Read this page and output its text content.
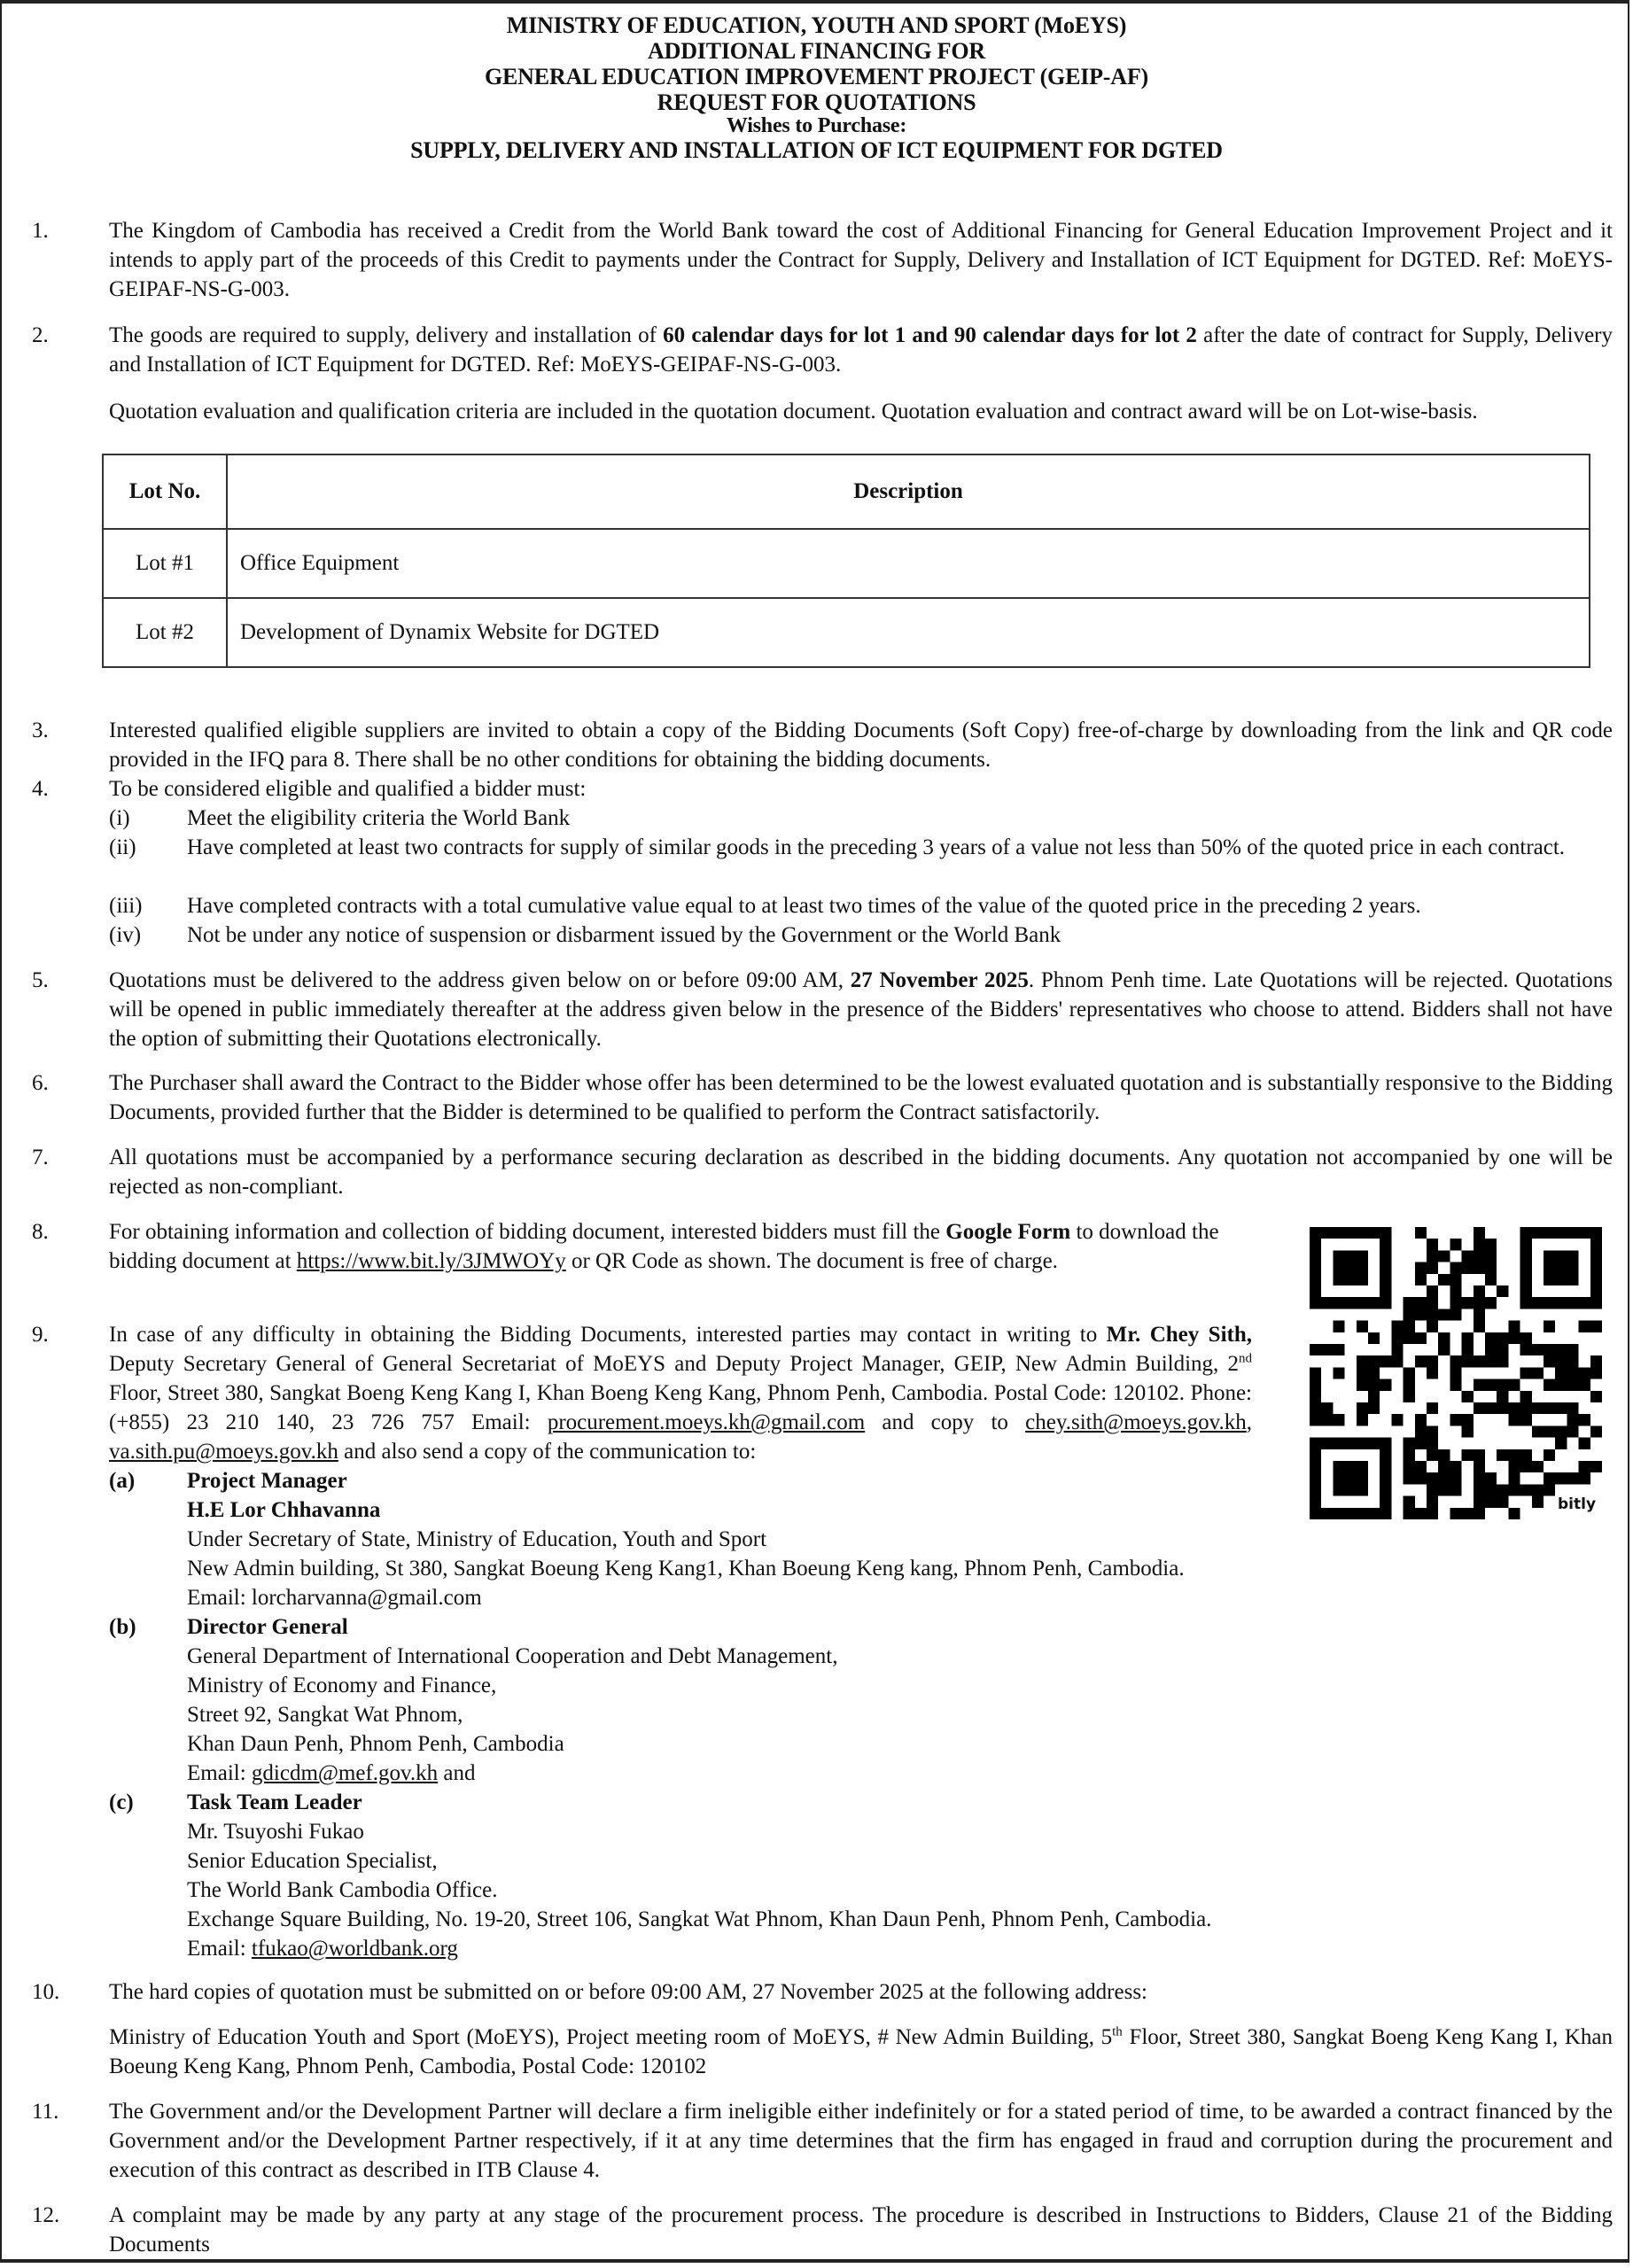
MINISTRY OF EDUCATION, YOUTH AND SPORT (MoEYS)
ADDITIONAL FINANCING FOR
GENERAL EDUCATION IMPROVEMENT PROJECT (GEIP-AF)
REQUEST FOR QUOTATIONS
Wishes to Purchase:
SUPPLY, DELIVERY AND INSTALLATION OF ICT EQUIPMENT FOR DGTED
1.	The Kingdom of Cambodia has received a Credit from the World Bank toward the cost of Additional Financing for General Education Improvement Project and it intends to apply part of the proceeds of this Credit to payments under the Contract for Supply, Delivery and Installation of ICT Equipment for DGTED. Ref: MoEYS-GEIPAF-NS-G-003.
2.	The goods are required to supply, delivery and installation of 60 calendar days for lot 1 and 90 calendar days for lot 2 after the date of contract for Supply, Delivery and Installation of ICT Equipment for DGTED. Ref: MoEYS-GEIPAF-NS-G-003.
Quotation evaluation and qualification criteria are included in the quotation document. Quotation evaluation and contract award will be on Lot-wise-basis.
Lot No.	Description
Lot #1	Office Equipment
Lot #2	Development of Dynamix Website for DGTED
3.	Interested qualified eligible suppliers are invited to obtain a copy of the Bidding Documents (Soft Copy) free-of-charge by downloading from the link and QR code provided in the IFQ para 8. There shall be no other conditions for obtaining the bidding documents.
4.	To be considered eligible and qualified a bidder must:
(i)	Meet the eligibility criteria the World Bank
(ii) Have completed at least two contracts for supply of similar goods in the preceding 3 years of a value not less than 50% of the quoted price in each contract.
(iii) Have completed contracts with a total cumulative value equal to at least two times of the value of the quoted price in the preceding 2 years.
(iv) Not be under any notice of suspension or disbarment issued by the Government or the World Bank
5.	Quotations must be delivered to the address given below on or before 09:00 AM, 27 November 2025. Phnom Penh time. Late Quotations will be rejected. Quotations will be opened in public immediately thereafter at the address given below in the presence of the Bidders' representatives who choose to attend. Bidders shall not have the option of submitting their Quotations electronically.
6.	The Purchaser shall award the Contract to the Bidder whose offer has been determined to be the lowest evaluated quotation and is substantially responsive to the Bidding Documents, provided further that the Bidder is determined to be qualified to perform the Contract satisfactorily.
7.	All quotations must be accompanied by a performance securing declaration as described in the bidding documents. Any quotation not accompanied by one will be rejected as non-compliant.
8.	For obtaining information and collection of bidding document, interested bidders must fill the Google Form to download the bidding document at https://www.bit.ly/3JMWOYy or QR Code as shown. The document is free of charge.
9.	In case of any difficulty in obtaining the Bidding Documents, interested parties may contact in writing to Mr. Chey Sith, Deputy Secretary General of General Secretariat of MoEYS and Deputy Project Manager, GEIP, New Admin Building, 2nd Floor, Street 380, Sangkat Boeng Keng Kang I, Khan Boeng Keng Kang, Phnom Penh, Cambodia. Postal Code: 120102. Phone: (+855) 23 210 140, 23 726 757 Email: procurement.moeys.kh@gmail.com and copy to chey.sith@moeys.gov.kh, va.sith.pu@moeys.gov.kh and also send a copy of the communication to:
(a) Project Manager
H.E Lor Chhavanna
Under Secretary of State, Ministry of Education, Youth and Sport
New Admin building, St 380, Sangkat Boeung Keng Kang1, Khan Boeung Keng kang, Phnom Penh, Cambodia.
Email: lorcharvanna@gmail.com
(b) Director General
General Department of International Cooperation and Debt Management,
Ministry of Economy and Finance,
Street 92, Sangkat Wat Phnom,
Khan Daun Penh, Phnom Penh, Cambodia
Email: gdicdm@mef.gov.kh and
(c) Task Team Leader
Mr. Tsuyoshi Fukao
Senior Education Specialist,
The World Bank Cambodia Office.
Exchange Square Building, No. 19-20, Street 106, Sangkat Wat Phnom, Khan Daun Penh, Phnom Penh, Cambodia.
Email: tfukao@worldbank.org
10. The hard copies of quotation must be submitted on or before 09:00 AM, 27 November 2025 at the following address:
Ministry of Education Youth and Sport (MoEYS), Project meeting room of MoEYS, # New Admin Building, 5th Floor, Street 380, Sangkat Boeng Keng Kang I, Khan Boeung Keng Kang, Phnom Penh, Cambodia, Postal Code: 120102
11. The Government and/or the Development Partner will declare a firm ineligible either indefinitely or for a stated period of time, to be awarded a contract financed by the Government and/or the Development Partner respectively, if it at any time determines that the firm has engaged in fraud and corruption during the procurement and execution of this contract as described in ITB Clause 4.
12. A complaint may be made by any party at any stage of the procurement process. The procedure is described in Instructions to Bidders, Clause 21 of the Bidding Documents
bitly
